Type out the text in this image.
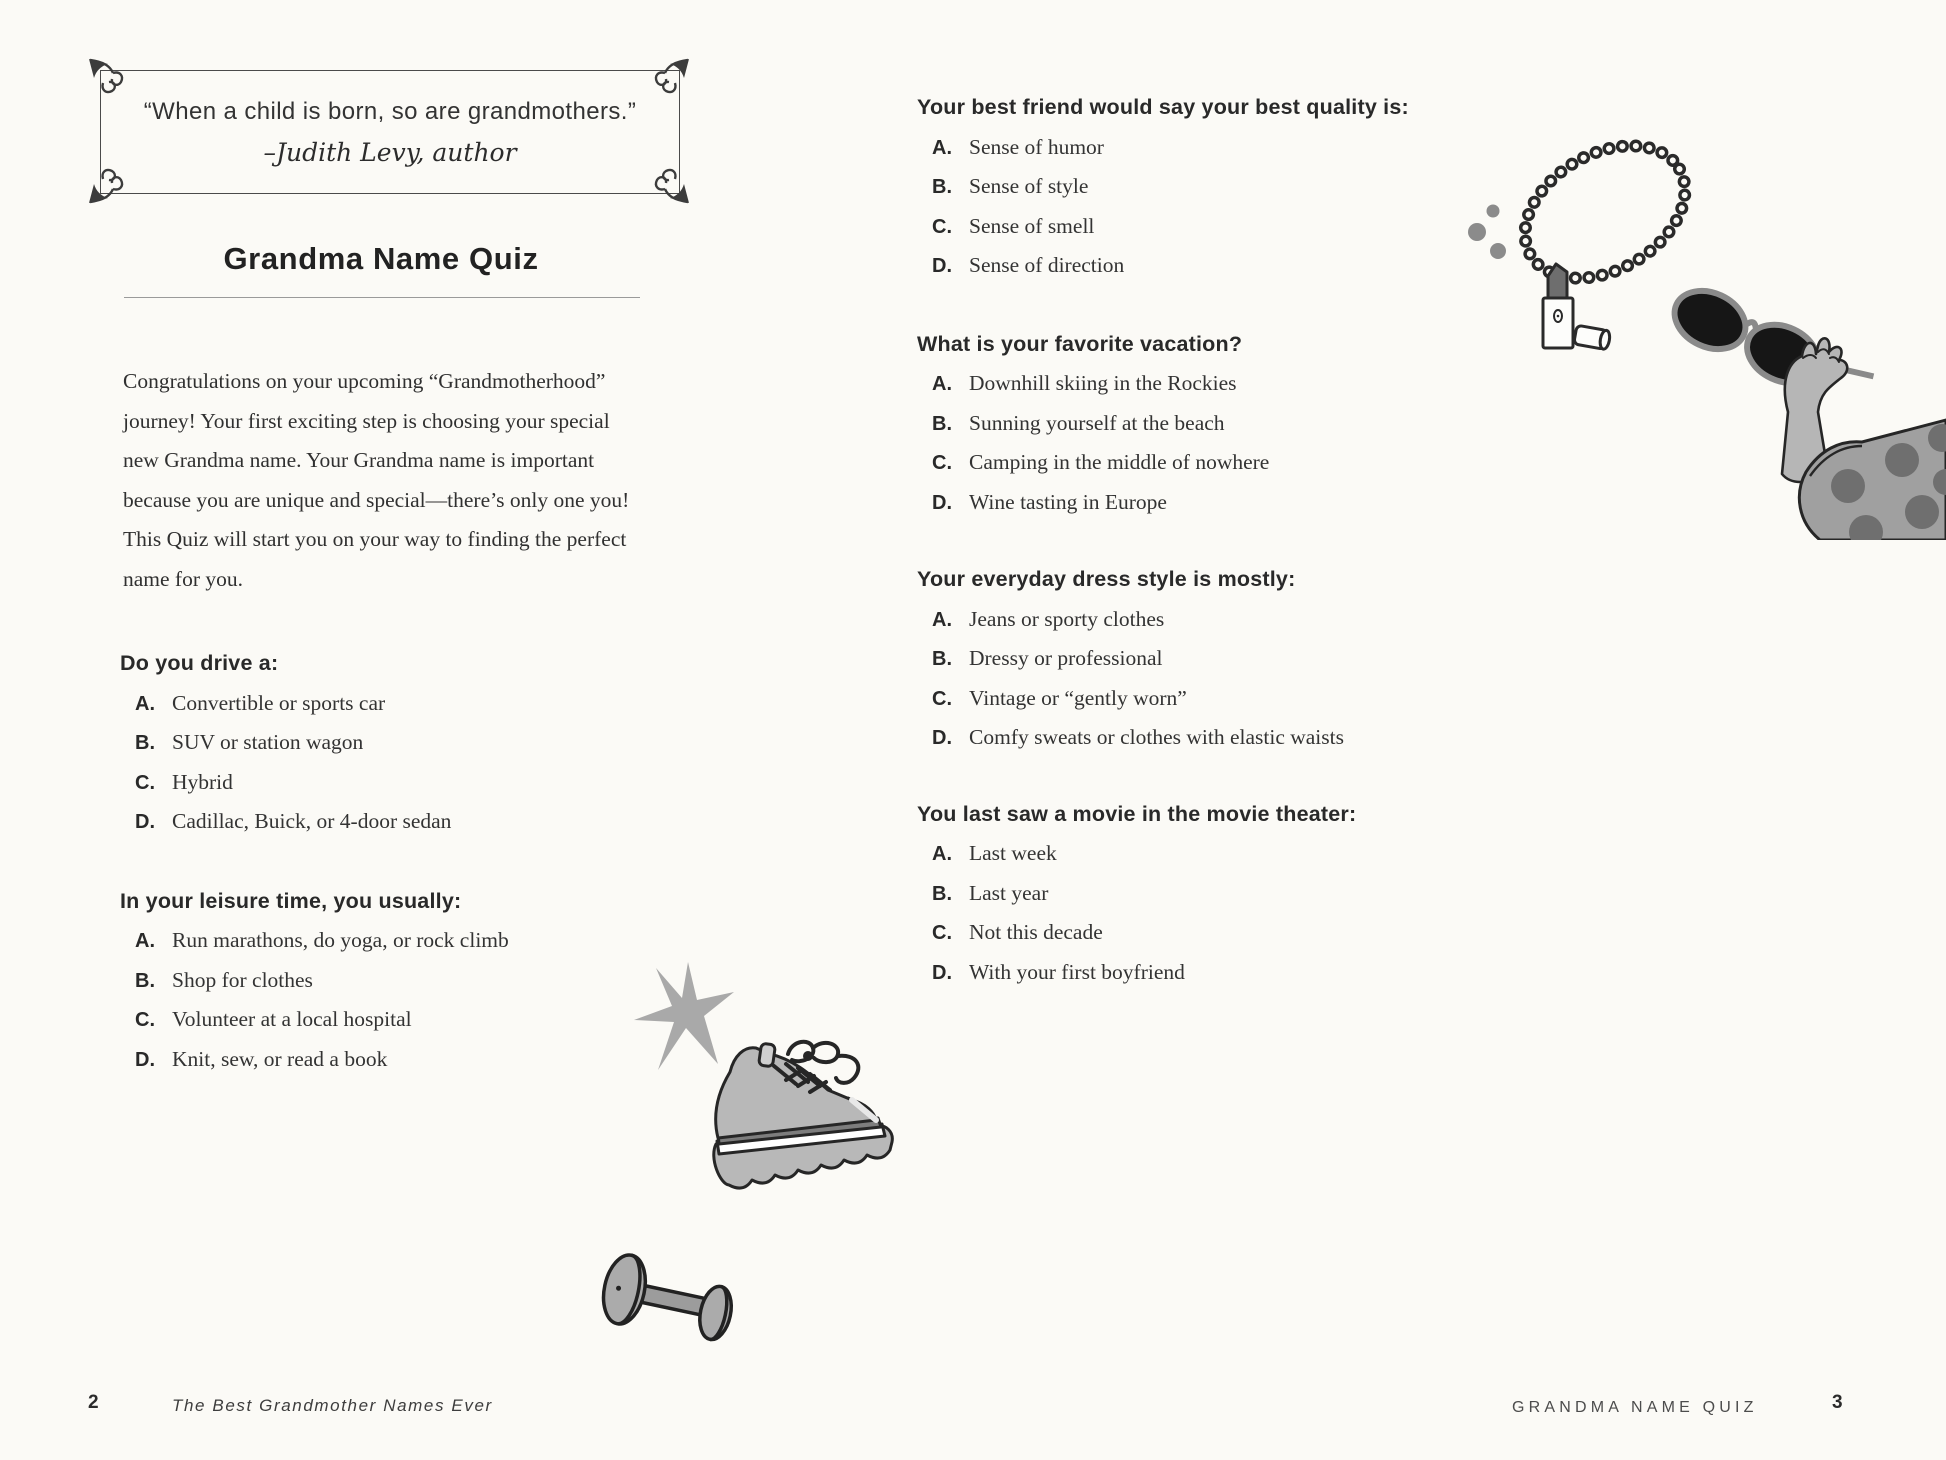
“When a child is born, so are grandmothers.”
–Judith Levy, author
Grandma Name Quiz

Congratulations on your upcoming “Grandmotherhood” journey! Your first exciting step is choosing your special new Grandma name. Your Grandma name is important because you are unique and special—there’s only one you! This Quiz will start you on your way to finding the perfect name for you.

Do you drive a:
A. Convertible or sports car
B. SUV or station wagon
C. Hybrid
D. Cadillac, Buick, or 4-door sedan
In your leisure time, you usually:
A. Run marathons, do yoga, or rock climb
B. Shop for clothes
C. Volunteer at a local hospital
D. Knit, sew, or read a book
2	The Best Grandmother Names Ever
Your best friend would say your best quality is:
A. Sense of humor
B. Sense of style
C. Sense of smell
D. Sense of direction
What is your favorite vacation?
A. Downhill skiing in the Rockies
B. Sunning yourself at the beach
C. Camping in the middle of nowhere
D. Wine tasting in Europe
Your everyday dress style is mostly:
A. Jeans or sporty clothes
B. Dressy or professional
C. Vintage or “gently worn”
D. Comfy sweats or clothes with elastic waists
You last saw a movie in the movie theater:
A. Last week
B. Last year
C. Not this decade
D. With your first boyfriend
GRANDMA NAME QUIZ	3
